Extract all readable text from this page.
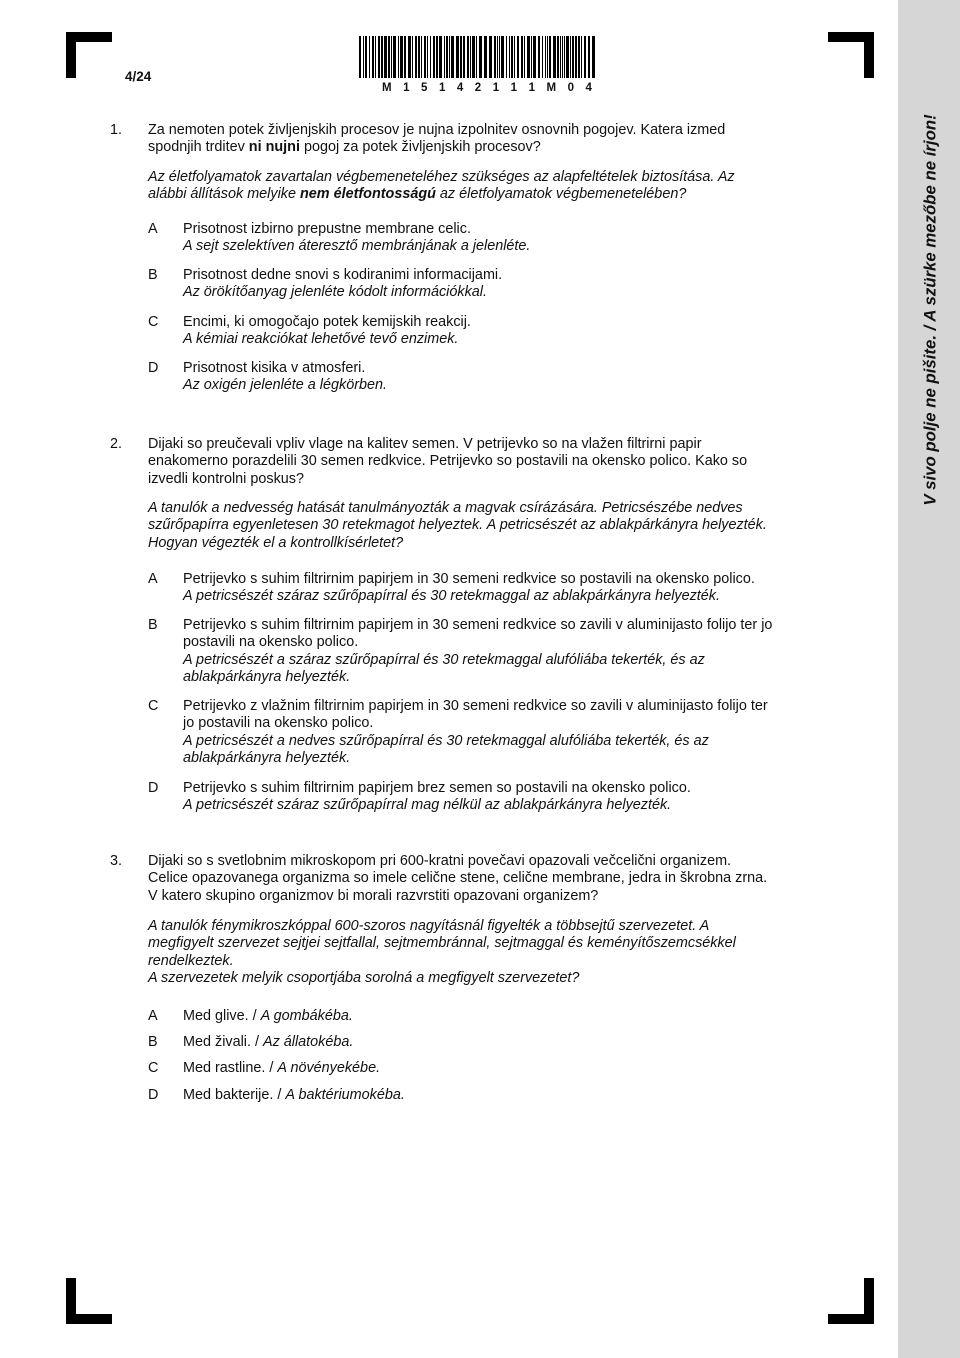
V sivo polje ne pišite. / A szürke mezőbe ne írjon!
4/24
M 1 5 1 4 2 1 1 1 M 0 4
1. Za nemoten potek življenjskih procesov je nujna izpolnitev osnovnih pogojev. Katera izmed

spodnjih trditev ni nujni pogoj za potek življenjskih procesov?

Az életfolyamatok zavartalan végbemeneteléhez szükséges az alapfeltételek biztosítása. Az

alábbi állítások melyike nem életfontosságú az életfolyamatok végbemenetelében?

A Prisotnost izbirno prepustne membrane celic.

A sejt szelektíven áteresztő membránjának a jelenléte.

B Prisotnost dedne snovi s kodiranimi informacijami.

Az örökítőanyag jelenléte kódolt információkkal.

C Encimi, ki omogočajo potek kemijskih reakcij.

A kémiai reakciókat lehetővé tevő enzimek.

D Prisotnost kisika v atmosferi.

Az oxigén jelenléte a légkörben.

2. Dijaki so preučevali vpliv vlage na kalitev semen. V petrijevko so na vlažen filtrirni papir

enakomerno porazdelili 30 semen redkvice. Petrijevko so postavili na okensko polico. Kako so

izvedli kontrolni poskus?

A tanulók a nedvesség hatását tanulmányozták a magvak csírázására. Petricsészébe nedves

szűrőpapírra egyenletesen 30 retekmagot helyeztek. A petricsészét az ablakpárkányra helyezték.

Hogyan végezték el a kontrollkísérletet?

A Petrijevko s suhim filtrirnim papirjem in 30 semeni redkvice so postavili na okensko polico.

A petricsészét száraz szűrőpapírral és 30 retekmaggal az ablakpárkányra helyezték.

B Petrijevko s suhim filtrirnim papirjem in 30 semeni redkvice so zavili v aluminijasto folijo ter jo

postavili na okensko polico.

A petricsészét a száraz szűrőpapírral és 30 retekmaggal alufóliába tekerték, és az

ablakpárkányra helyezték.

C Petrijevko z vlažnim filtrirnim papirjem in 30 semeni redkvice so zavili v aluminijasto folijo ter

jo postavili na okensko polico.

A petricsészét a nedves szűrőpapírral és 30 retekmaggal alufóliába tekerték, és az

ablakpárkányra helyezték.

D Petrijevko s suhim filtrirnim papirjem brez semen so postavili na okensko polico.

A petricsészét száraz szűrőpapírral mag nélkül az ablakpárkányra helyezték.

3. Dijaki so s svetlobnim mikroskopom pri 600-kratni povečavi opazovali večcelični organizem.

Celice opazovanega organizma so imele celične stene, celične membrane, jedra in škrobna zrna.

V katero skupino organizmov bi morali razvrstiti opazovani organizem?

A tanulók fénymikroszkóppal 600-szoros nagyításnál figyelték a többsejtű szervezetet. A

megfigyelt szervezet sejtjei sejtfallal, sejtmembránnal, sejtmaggal és keményítőszemcsékkel

rendelkeztek.

A szervezetek melyik csoportjába sorolná a megfigyelt szervezetet?

A Med glive. / A gombákéba.

B Med živali. / Az állatokéba.

C Med rastline. / A növényekébe.

D Med bakterije. / A baktériumokéba.
